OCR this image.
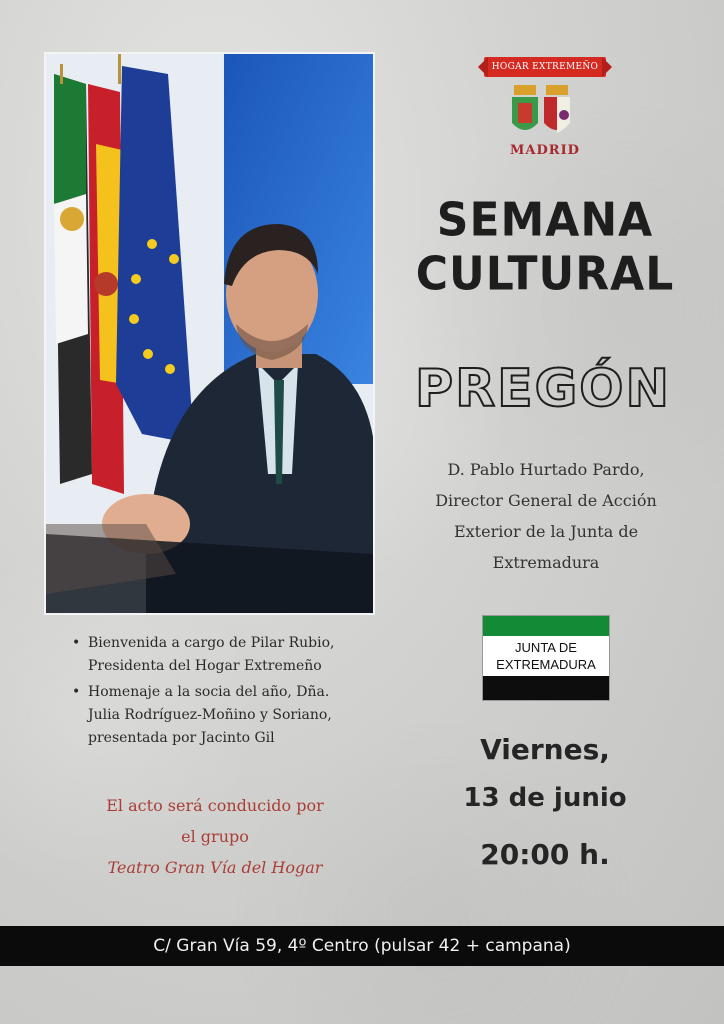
HOGAR EXTREMEÑO
MADRID
SEMANA
CULTURAL
PREGÓN
D. Pablo Hurtado Pardo,
Director General de Acción
Exterior de la Junta de
Extremadura
JUNTA DE
EXTREMADURA
Viernes,
13 de junio
20:00 h.
• Bienvenida a cargo de Pilar Rubio,
Presidenta del Hogar Extremeño
• Homenaje a la socia del año, Dña.
Julia Rodríguez-Moñino y Soriano,
presentada por Jacinto Gil
El acto será conducido por
el grupo
Teatro Gran Vía del Hogar
C/ Gran Vía 59, 4º Centro (pulsar 42 + campana)
